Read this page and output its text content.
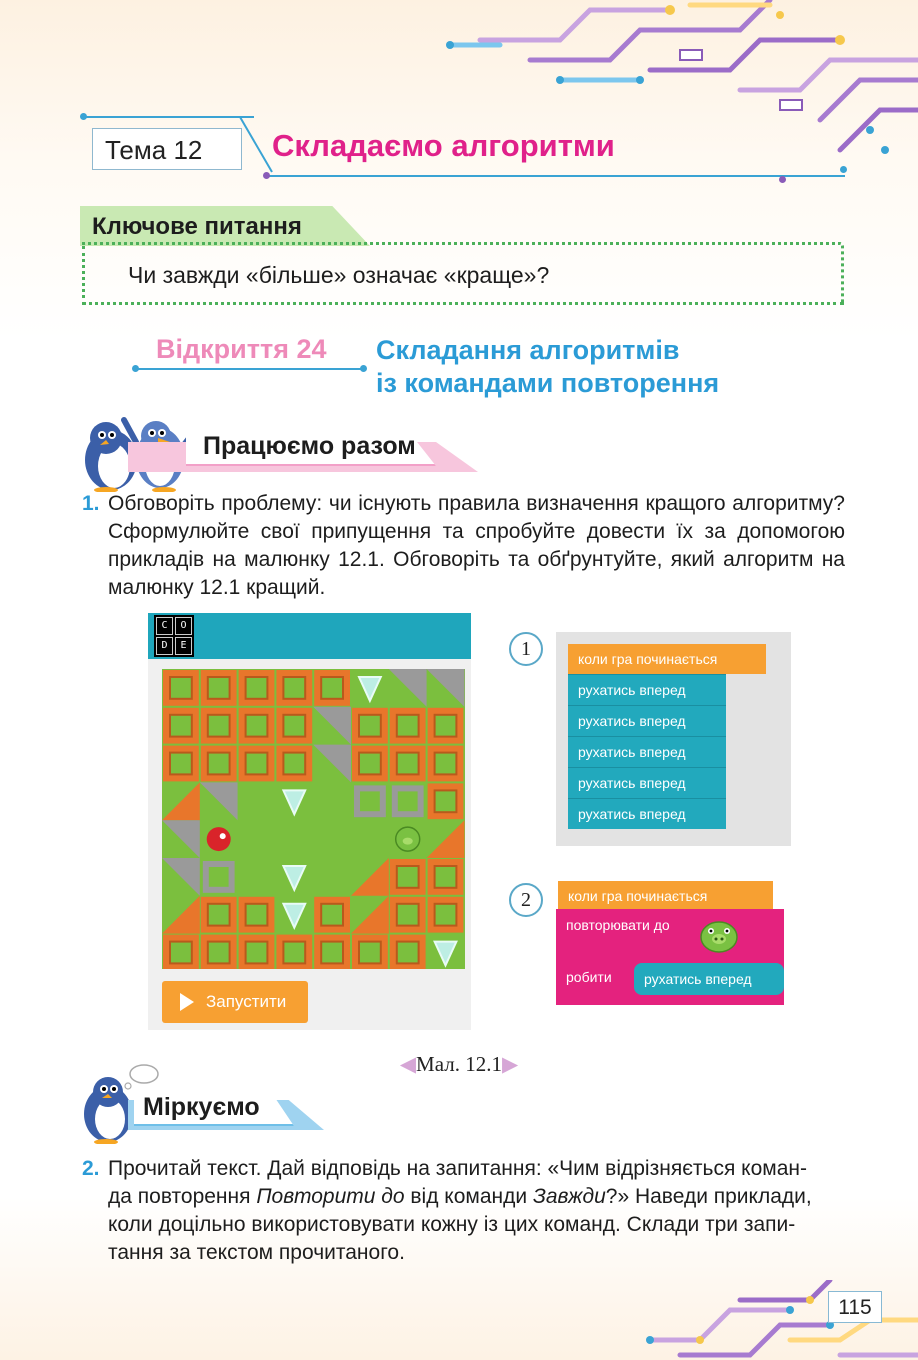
Тема 12	Складаємо алгоритми
Ключове питання
Чи завжди «більше» означає «краще»?
Відкриття 24 Складання алгоритмів
із командами повторення
Працюємо разом
1. Обговоріть проблему: чи існують правила визначення кращого алгоритму? Сформулюйте свої припущення та спробуйте довести їх за допомогою прикладів на малюнку 12.1. Обговоріть та обґрунтуйте, який алгоритм на малюнку 12.1 кращий.
C	O
D	E
Запустити
1	коли гра починається
рухатись вперед
рухатись вперед
рухатись вперед
рухатись вперед
рухатись вперед
2	коли гра починається
повторювати до
робити	рухатись вперед
◀Мал. 12.1▶
Міркуємо
2. Прочитай текст. Дай відповідь на запитання: «Чим відрізняється коман-
да повторення Повторити до від команди Завжди?» Наведи приклади,
коли доцільно використовувати кожну із цих команд. Склади три запи-
тання за текстом прочитаного.
115
